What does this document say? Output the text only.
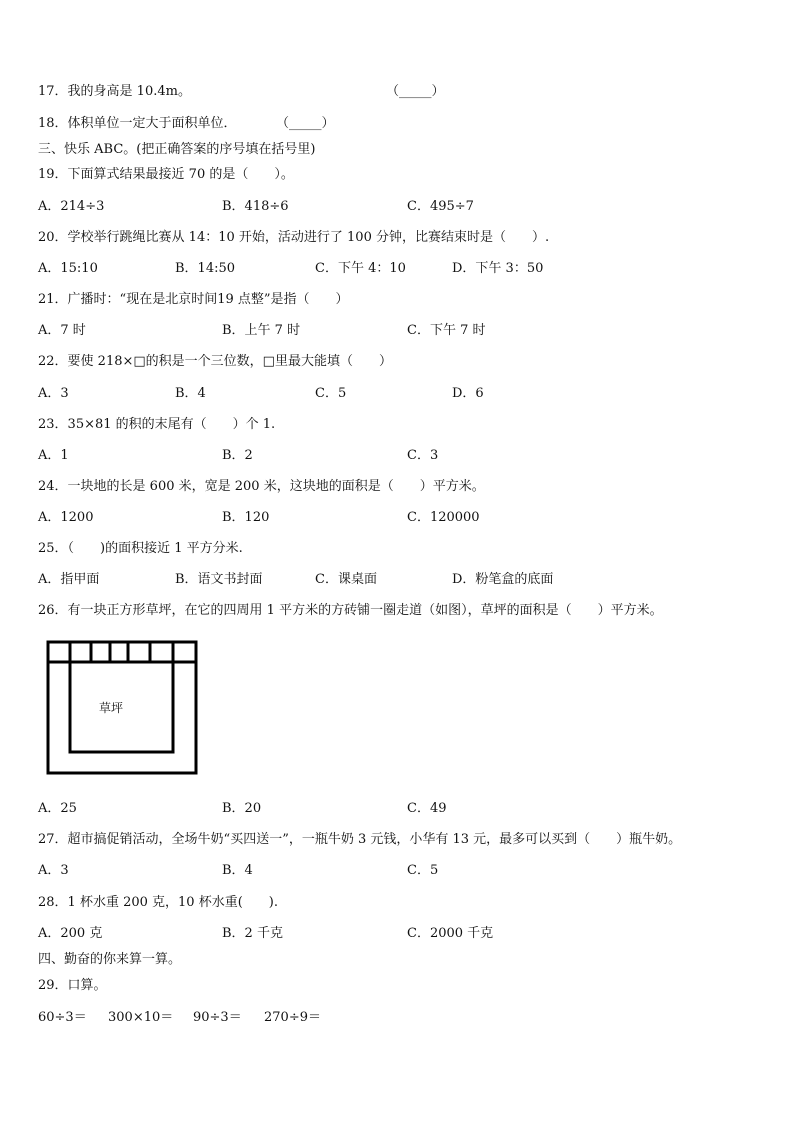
17．我的身高是 10.4m。	（_____）
18．体积单位一定大于面积单位．	（_____）
三、快乐 ABC。(把正确答案的序号填在括号里)
19．下面算式结果最接近 70 的是（　　）。
A．214÷3	B．418÷6	C．495÷7
20．学校举行跳绳比赛从 14：10 开始，活动进行了 100 分钟，比赛结束时是（　　）.
A．15:10	B．14:50	C．下午 4：10	D．下午 3：50
21．广播时：“现在是北京时间19 点整”是指（　　）
A．7 时	B．上午 7 时	C．下午 7 时
22．要使 218×□的积是一个三位数，□里最大能填（　　）
A．3	B．4	C．5	D．6
23．35×81 的积的末尾有（　　）个 1.
A．1	B．2	C．3
24．一块地的长是 600 米，宽是 200 米，这块地的面积是（　　）平方米。
A．1200	B．120	C．120000
25．（　　)的面积接近 1 平方分米.
A．指甲面	B．语文书封面	C．课桌面	D．粉笔盒的底面
26．有一块正方形草坪，在它的四周用 1 平方米的方砖铺一圈走道（如图），草坪的面积是（　　）平方米。
草坪
A．25	B．20	C．49
27．超市搞促销活动，全场牛奶“买四送一”，一瓶牛奶 3 元钱，小华有 13 元，最多可以买到（　　）瓶牛奶。
A．3	B．4	C．5
28．1 杯水重 200 克，10 杯水重(　　).
A．200 克	B．2 千克	C．2000 千克
四、勤奋的你来算一算。
29．口算。
60÷3＝ 300×10＝ 90÷3＝ 270÷9＝
